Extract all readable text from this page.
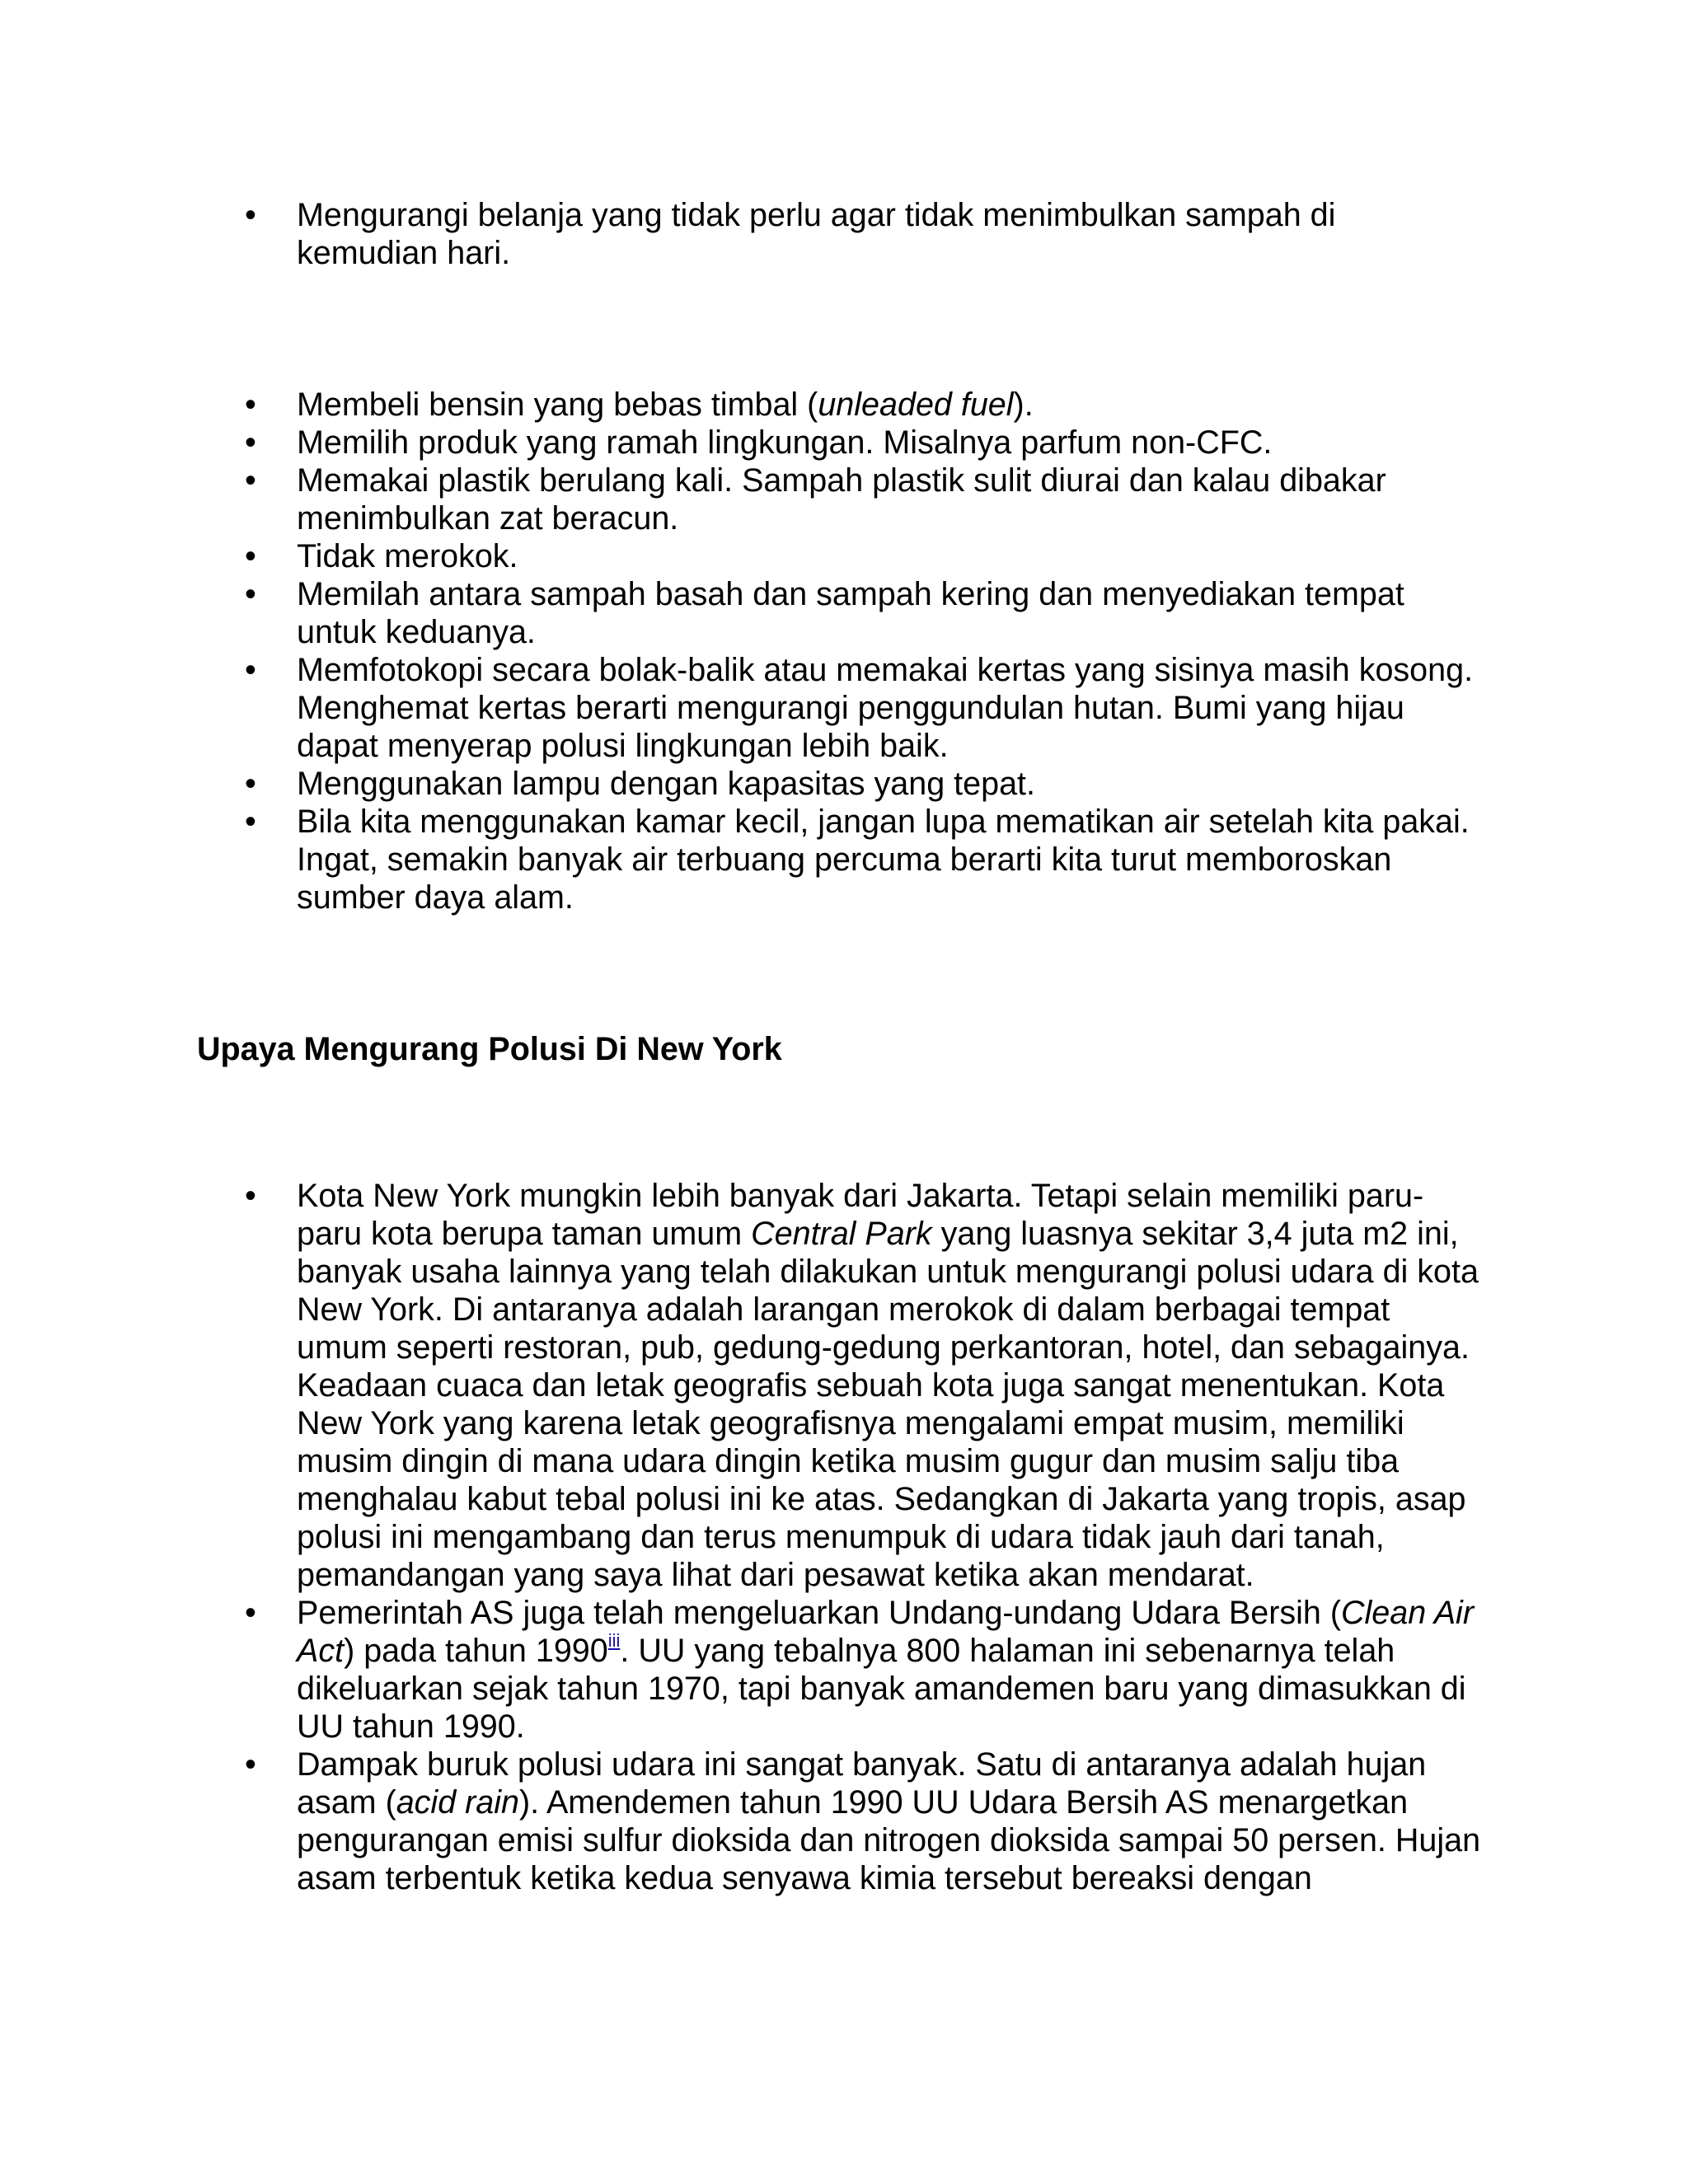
• Mengurangi belanja yang tidak perlu agar tidak menimbulkan sampah di kemudian hari.
• Membeli bensin yang bebas timbal (unleaded fuel).
• Memilih produk yang ramah lingkungan. Misalnya parfum non-CFC.
• Memakai plastik berulang kali. Sampah plastik sulit diurai dan kalau dibakar menimbulkan zat beracun.
• Tidak merokok.
• Memilah antara sampah basah dan sampah kering dan menyediakan tempat untuk keduanya.
• Memfotokopi secara bolak-balik atau memakai kertas yang sisinya masih kosong. Menghemat kertas berarti mengurangi penggundulan hutan. Bumi yang hijau dapat menyerap polusi lingkungan lebih baik.
• Menggunakan lampu dengan kapasitas yang tepat.
• Bila kita menggunakan kamar kecil, jangan lupa mematikan air setelah kita pakai. Ingat, semakin banyak air terbuang percuma berarti kita turut memboroskan sumber daya alam.
Upaya Mengurang Polusi Di New York
• Kota New York mungkin lebih banyak dari Jakarta. Tetapi selain memiliki paru-paru kota berupa taman umum Central Park yang luasnya sekitar 3,4 juta m2 ini, banyak usaha lainnya yang telah dilakukan untuk mengurangi polusi udara di kota New York. Di antaranya adalah larangan merokok di dalam berbagai tempat umum seperti restoran, pub, gedung-gedung perkantoran, hotel, dan sebagainya. Keadaan cuaca dan letak geografis sebuah kota juga sangat menentukan. Kota New York yang karena letak geografisnya mengalami empat musim, memiliki musim dingin di mana udara dingin ketika musim gugur dan musim salju tiba menghalau kabut tebal polusi ini ke atas. Sedangkan di Jakarta yang tropis, asap polusi ini mengambang dan terus menumpuk di udara tidak jauh dari tanah, pemandangan yang saya lihat dari pesawat ketika akan mendarat.
• Pemerintah AS juga telah mengeluarkan Undang-undang Udara Bersih (Clean Air Act) pada tahun 1990$^{iii}$. UU yang tebalnya 800 halaman ini sebenarnya telah dikeluarkan sejak tahun 1970, tapi banyak amandemen baru yang dimasukkan di UU tahun 1990.
• Dampak buruk polusi udara ini sangat banyak. Satu di antaranya adalah hujan asam (acid rain). Amendemen tahun 1990 UU Udara Bersih AS menargetkan pengurangan emisi sulfur dioksida dan nitrogen dioksida sampai 50 persen. Hujan asam terbentuk ketika kedua senyawa kimia tersebut bereaksi dengan
